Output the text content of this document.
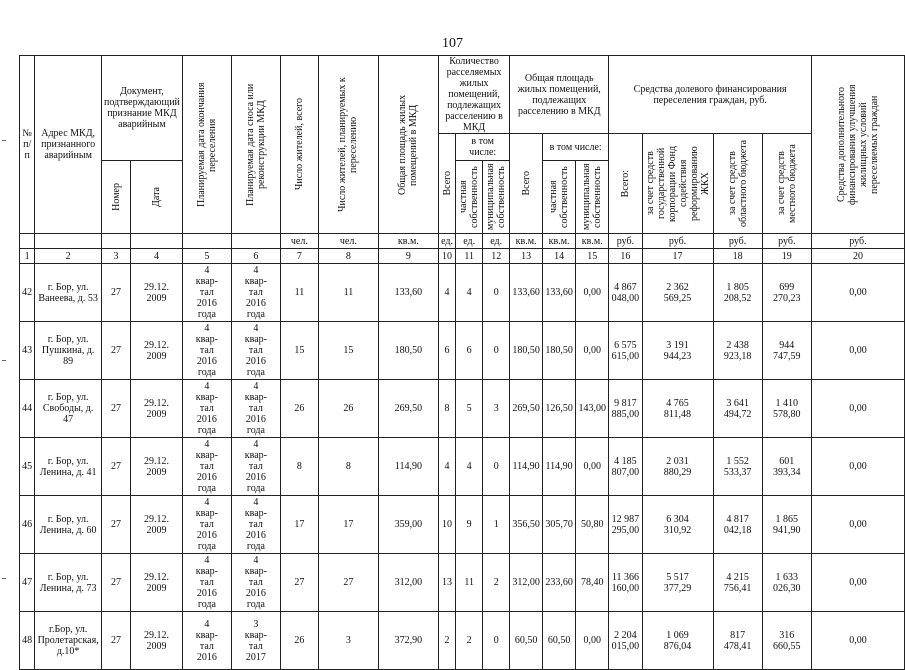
107
№ п/п	Адрес МКД, признанного аварийным	Документ, подтверждающий признание МКД аварийным		Планируемая дата окончания переселения	Планируемая дата сноса или реконструкции МКД	Число жителей, всего	Число жителей, планируемых к переселению	Общая площадь жилых помещений в МКД	Количество расселяемых жилых помещений, подлежащих расселению в МКД			Общая площадь жилых помещений, подлежащих расселению в МКД			Средства долевого финансирования переселения граждан, руб.				Средства дополнительного финансирования улучшения жилищных условий переселяемых граждан

									Всего	в том числе:		Всего	в том числе:		Всего:	за счет средств государственной корпорации Фонд содействия реформированию ЖКХ	за счет средств областного бюджета	за счет средств местного бюджета	

		Номер	Дата							частная собственность	муниципальная собственность		частная собственность	муниципальная собственность					

						чел.	чел.	кв.м.	ед.	ед.	ед.	кв.м.	кв.м.	кв.м.	руб.	руб.	руб.	руб.	руб.
1	2	3	4	5	6	7	8	9	10	11	12	13	14	15	16	17	18	19	20
42	г. Бор, ул. Ванеева, д. 53	27	29.12.
2009	4
квар-
тал
2016
года	4
квар-
тал
2016
года	11	11	133,60	4	4	0	133,60	133,60	0,00	4 867
048,00	2 362
569,25	1 805
208,52	699
270,23	0,00
43	г. Бор, ул. Пушкина, д. 89	27	29.12.
2009	4
квар-
тал
2016
года	4
квар-
тал
2016
года	15	15	180,50	6	6	0	180,50	180,50	0,00	6 575
615,00	3 191
944,23	2 438
923,18	944
747,59	0,00
44	г. Бор, ул. Свободы, д. 47	27	29.12.
2009	4
квар-
тал
2016
года	4
квар-
тал
2016
года	26	26	269,50	8	5	3	269,50	126,50	143,00	9 817
885,00	4 765
811,48	3 641
494,72	1 410
578,80	0,00
45	г. Бор, ул. Ленина, д. 41	27	29.12.
2009	4
квар-
тал
2016
года	4
квар-
тал
2016
года	8	8	114,90	4	4	0	114,90	114,90	0,00	4 185
807,00	2 031
880,29	1 552
533,37	601
393,34	0,00
46	г. Бор, ул. Ленина, д. 60	27	29.12.
2009	4
квар-
тал
2016
года	4
квар-
тал
2016
года	17	17	359,00	10	9	1	356,50	305,70	50,80	12 987
295,00	6 304
310,92	4 817
042,18	1 865
941,90	0,00
47	г. Бор, ул. Ленина, д. 73	27	29.12.
2009	4
квар-
тал
2016
года	4
квар-
тал
2016
года	27	27	312,00	13	11	2	312,00	233,60	78,40	11 366
160,00	5 517
377,29	4 215
756,41	1 633
026,30	0,00
48	г.Бор, ул. Пролетарская, д.10*	27	29.12.
2009	4
квар-
тал
2016	3
квар-
тал
2017	26	3	372,90	2	2	0	60,50	60,50	0,00	2 204
015,00	1 069
876,04	817
478,41	316
660,55	0,00
